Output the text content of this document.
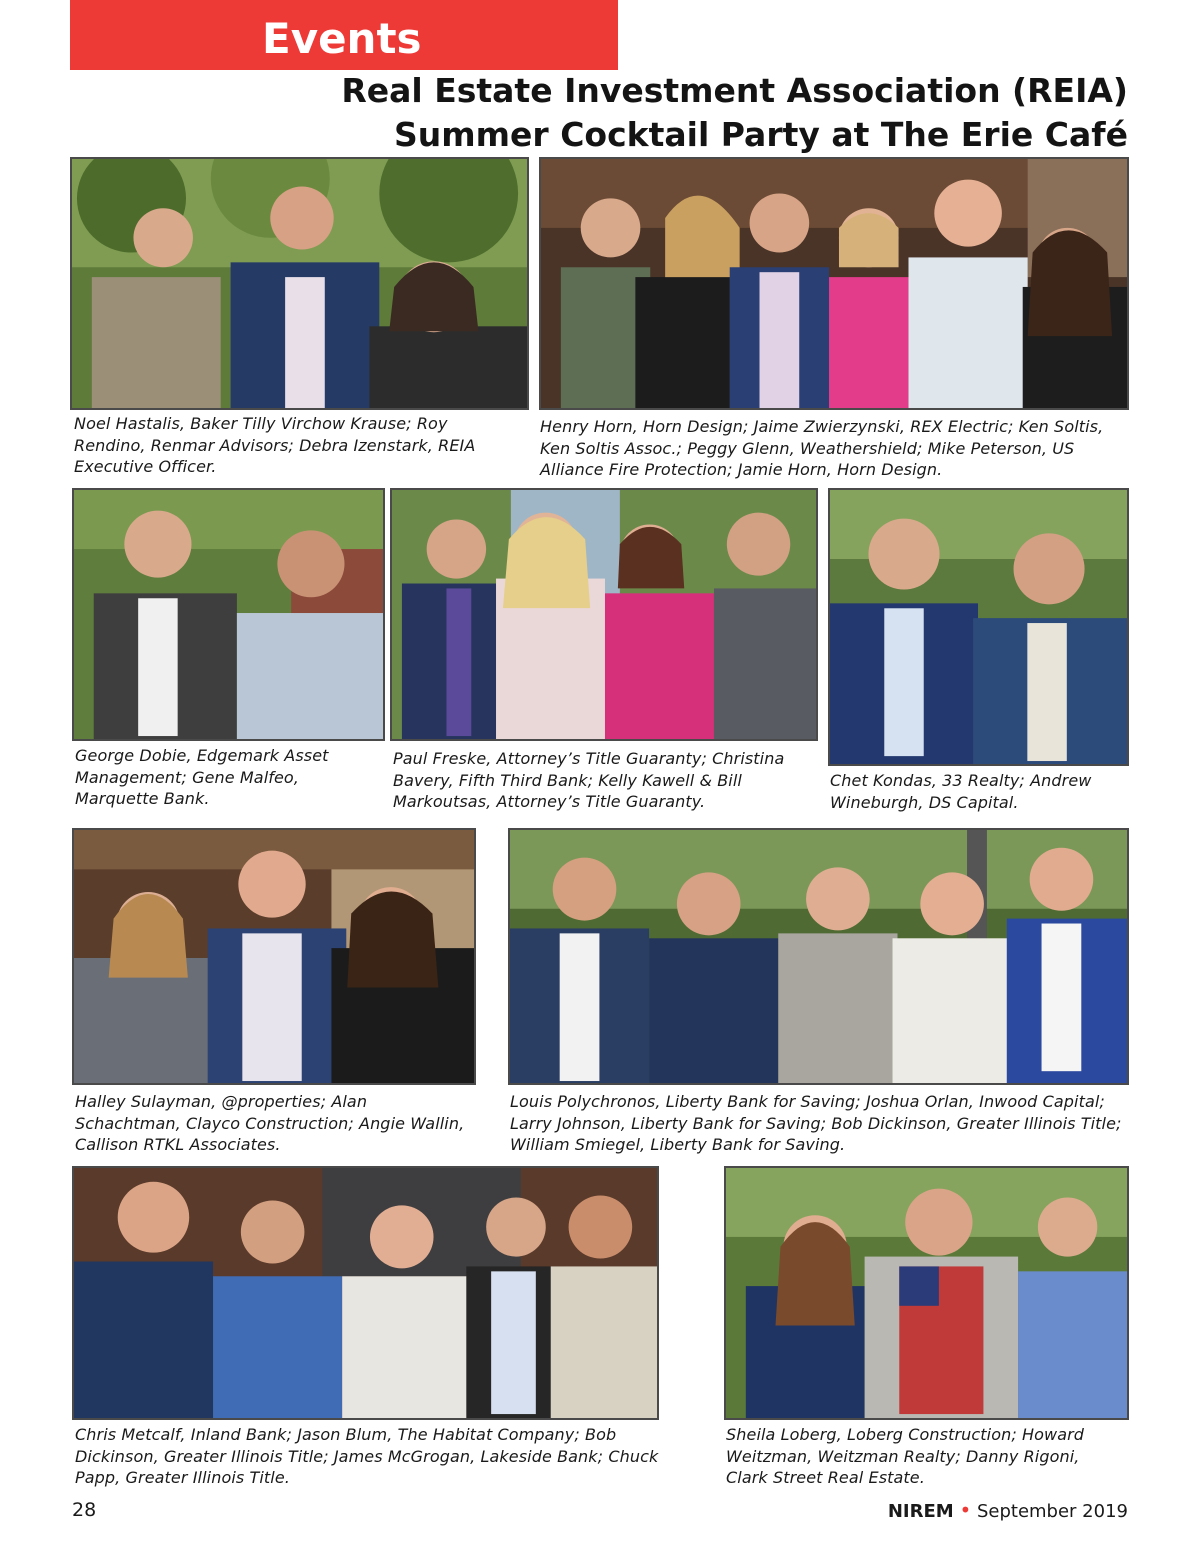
Events
Real Estate Investment Association (REIA)
Summer Cocktail Party at The Erie Café
Noel Hastalis, Baker Tilly Virchow Krause; Roy Rendino, Renmar Advisors; Debra Izenstark, REIA Executive Officer.
Henry Horn, Horn Design; Jaime Zwierzynski, REX Electric; Ken Soltis, Ken Soltis Assoc.; Peggy Glenn, Weathershield; Mike Peterson, US Alliance Fire Protection; Jamie Horn, Horn Design.
George Dobie, Edgemark Asset Management; Gene Malfeo, Marquette Bank.
Paul Freske, Attorney’s Title Guaranty; Christina Bavery, Fifth Third Bank; Kelly Kawell & Bill Markoutsas, Attorney’s Title Guaranty.
Chet Kondas, 33 Realty; Andrew Wineburgh, DS Capital.
Halley Sulayman, @properties; Alan Schachtman, Clayco Construction; Angie Wallin, Callison RTKL Associates.
Louis Polychronos, Liberty Bank for Saving; Joshua Orlan, Inwood Capital; Larry Johnson, Liberty Bank for Saving; Bob Dickinson, Greater Illinois Title; William Smiegel, Liberty Bank for Saving.
Chris Metcalf, Inland Bank; Jason Blum, The Habitat Company; Bob Dickinson, Greater Illinois Title; James McGrogan, Lakeside Bank; Chuck Papp, Greater Illinois Title.
Sheila Loberg, Loberg Construction; Howard Weitzman, Weitzman Realty; Danny Rigoni, Clark Street Real Estate.
28	NIREM • September 2019
